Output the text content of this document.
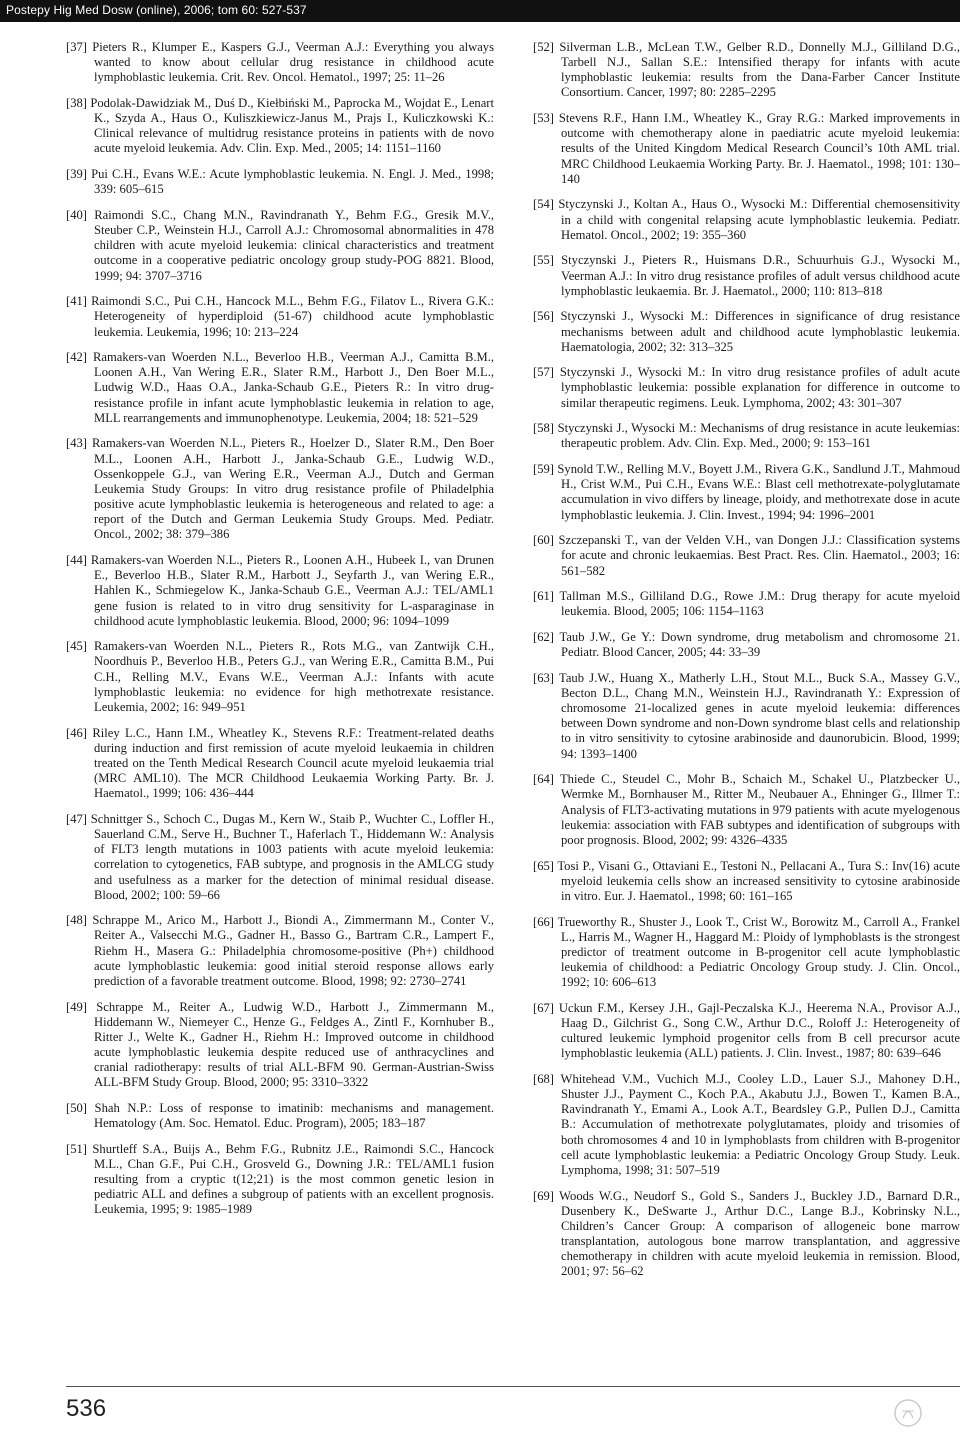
Postepy Hig Med Dosw (online), 2006; tom 60: 527-537

[37] Pieters R., Klumper E., Kaspers G.J., Veerman A.J.: Everything you always wanted to know about cellular drug resistance in childhood acute lymphoblastic leukemia. Crit. Rev. Oncol. Hematol., 1997; 25: 11–26

[38] Podolak-Dawidziak M., Duś D., Kiełbiński M., Paprocka M., Wojdat E., Lenart K., Szyda A., Haus O., Kuliszkiewicz-Janus M., Prajs I., Kuliczkowski K.: Clinical relevance of multidrug resistance proteins in patients with de novo acute myeloid leukemia. Adv. Clin. Exp. Med., 2005; 14: 1151–1160

[39] Pui C.H., Evans W.E.: Acute lymphoblastic leukemia. N. Engl. J. Med., 1998; 339: 605–615

[40] Raimondi S.C., Chang M.N., Ravindranath Y., Behm F.G., Gresik M.V., Steuber C.P., Weinstein H.J., Carroll A.J.: Chromosomal abnormalities in 478 children with acute myeloid leukemia: clinical characteristics and treatment outcome in a cooperative pediatric oncology group study-POG 8821. Blood, 1999; 94: 3707–3716

[41] Raimondi S.C., Pui C.H., Hancock M.L., Behm F.G., Filatov L., Rivera G.K.: Heterogeneity of hyperdiploid (51-67) childhood acute lymphoblastic leukemia. Leukemia, 1996; 10: 213–224

[42] Ramakers-van Woerden N.L., Beverloo H.B., Veerman A.J., Camitta B.M., Loonen A.H., Van Wering E.R., Slater R.M., Harbott J., Den Boer M.L., Ludwig W.D., Haas O.A., Janka-Schaub G.E., Pieters R.: In vitro drug-resistance profile in infant acute lymphoblastic leukemia in relation to age, MLL rearrangements and immunophenotype. Leukemia, 2004; 18: 521–529

[43] Ramakers-van Woerden N.L., Pieters R., Hoelzer D., Slater R.M., Den Boer M.L., Loonen A.H., Harbott J., Janka-Schaub G.E., Ludwig W.D., Ossenkoppele G.J., van Wering E.R., Veerman A.J., Dutch and German Leukemia Study Groups: In vitro drug resistance profile of Philadelphia positive acute lymphoblastic leukemia is heterogeneous and related to age: a report of the Dutch and German Leukemia Study Groups. Med. Pediatr. Oncol., 2002; 38: 379–386

[44] Ramakers-van Woerden N.L., Pieters R., Loonen A.H., Hubeek I., van Drunen E., Beverloo H.B., Slater R.M., Harbott J., Seyfarth J., van Wering E.R., Hahlen K., Schmiegelow K., Janka-Schaub G.E., Veerman A.J.: TEL/AML1 gene fusion is related to in vitro drug sensitivity for L-asparaginase in childhood acute lymphoblastic leukemia. Blood, 2000; 96: 1094–1099

[45] Ramakers-van Woerden N.L., Pieters R., Rots M.G., van Zantwijk C.H., Noordhuis P., Beverloo H.B., Peters G.J., van Wering E.R., Camitta B.M., Pui C.H., Relling M.V., Evans W.E., Veerman A.J.: Infants with acute lymphoblastic leukemia: no evidence for high methotrexate resistance. Leukemia, 2002; 16: 949–951

[46] Riley L.C., Hann I.M., Wheatley K., Stevens R.F.: Treatment-related deaths during induction and first remission of acute myeloid leukaemia in children treated on the Tenth Medical Research Council acute myeloid leukaemia trial (MRC AML10). The MCR Childhood Leukaemia Working Party. Br. J. Haematol., 1999; 106: 436–444

[47] Schnittger S., Schoch C., Dugas M., Kern W., Staib P., Wuchter C., Loffler H., Sauerland C.M., Serve H., Buchner T., Haferlach T., Hiddemann W.: Analysis of FLT3 length mutations in 1003 patients with acute myeloid leukemia: correlation to cytogenetics, FAB subtype, and prognosis in the AMLCG study and usefulness as a marker for the detection of minimal residual disease. Blood, 2002; 100: 59–66

[48] Schrappe M., Arico M., Harbott J., Biondi A., Zimmermann M., Conter V., Reiter A., Valsecchi M.G., Gadner H., Basso G., Bartram C.R., Lampert F., Riehm H., Masera G.: Philadelphia chromosome-positive (Ph+) childhood acute lymphoblastic leukemia: good initial steroid response allows early prediction of a favorable treatment outcome. Blood, 1998; 92: 2730–2741

[49] Schrappe M., Reiter A., Ludwig W.D., Harbott J., Zimmermann M., Hiddemann W., Niemeyer C., Henze G., Feldges A., Zintl F., Kornhuber B., Ritter J., Welte K., Gadner H., Riehm H.: Improved outcome in childhood acute lymphoblastic leukemia despite reduced use of anthracyclines and cranial radiotherapy: results of trial ALL-BFM 90. German-Austrian-Swiss ALL-BFM Study Group. Blood, 2000; 95: 3310–3322

[50] Shah N.P.: Loss of response to imatinib: mechanisms and management. Hematology (Am. Soc. Hematol. Educ. Program), 2005; 183–187

[51] Shurtleff S.A., Buijs A., Behm F.G., Rubnitz J.E., Raimondi S.C., Hancock M.L., Chan G.F., Pui C.H., Grosveld G., Downing J.R.: TEL/AML1 fusion resulting from a cryptic t(12;21) is the most common genetic lesion in pediatric ALL and defines a subgroup of patients with an excellent prognosis. Leukemia, 1995; 9: 1985–1989

[52] Silverman L.B., McLean T.W., Gelber R.D., Donnelly M.J., Gilliland D.G., Tarbell N.J., Sallan S.E.: Intensified therapy for infants with acute lymphoblastic leukemia: results from the Dana-Farber Cancer Institute Consortium. Cancer, 1997; 80: 2285–2295

[53] Stevens R.F., Hann I.M., Wheatley K., Gray R.G.: Marked improvements in outcome with chemotherapy alone in paediatric acute myeloid leukemia: results of the United Kingdom Medical Research Council’s 10th AML trial. MRC Childhood Leukaemia Working Party. Br. J. Haematol., 1998; 101: 130–140

[54] Styczynski J., Koltan A., Haus O., Wysocki M.: Differential chemosensitivity in a child with congenital relapsing acute lymphoblastic leukemia. Pediatr. Hematol. Oncol., 2002; 19: 355–360

[55] Styczynski J., Pieters R., Huismans D.R., Schuurhuis G.J., Wysocki M., Veerman A.J.: In vitro drug resistance profiles of adult versus childhood acute lymphoblastic leukaemia. Br. J. Haematol., 2000; 110: 813–818

[56] Styczynski J., Wysocki M.: Differences in significance of drug resistance mechanisms between adult and childhood acute lymphoblastic leukemia. Haematologia, 2002; 32: 313–325

[57] Styczynski J., Wysocki M.: In vitro drug resistance profiles of adult acute lymphoblastic leukemia: possible explanation for difference in outcome to similar therapeutic regimens. Leuk. Lymphoma, 2002; 43: 301–307

[58] Styczynski J., Wysocki M.: Mechanisms of drug resistance in acute leukemias: therapeutic problem. Adv. Clin. Exp. Med., 2000; 9: 153–161

[59] Synold T.W., Relling M.V., Boyett J.M., Rivera G.K., Sandlund J.T., Mahmoud H., Crist W.M., Pui C.H., Evans W.E.: Blast cell methotrexate-polyglutamate accumulation in vivo differs by lineage, ploidy, and methotrexate dose in acute lymphoblastic leukemia. J. Clin. Invest., 1994; 94: 1996–2001

[60] Szczepanski T., van der Velden V.H., van Dongen J.J.: Classification systems for acute and chronic leukaemias. Best Pract. Res. Clin. Haematol., 2003; 16: 561–582

[61] Tallman M.S., Gilliland D.G., Rowe J.M.: Drug therapy for acute myeloid leukemia. Blood, 2005; 106: 1154–1163

[62] Taub J.W., Ge Y.: Down syndrome, drug metabolism and chromosome 21. Pediatr. Blood Cancer, 2005; 44: 33–39

[63] Taub J.W., Huang X., Matherly L.H., Stout M.L., Buck S.A., Massey G.V., Becton D.L., Chang M.N., Weinstein H.J., Ravindranath Y.: Expression of chromosome 21-localized genes in acute myeloid leukemia: differences between Down syndrome and non-Down syndrome blast cells and relationship to in vitro sensitivity to cytosine arabinoside and daunorubicin. Blood, 1999; 94: 1393–1400

[64] Thiede C., Steudel C., Mohr B., Schaich M., Schakel U., Platzbecker U., Wermke M., Bornhauser M., Ritter M., Neubauer A., Ehninger G., Illmer T.: Analysis of FLT3-activating mutations in 979 patients with acute myelogenous leukemia: association with FAB subtypes and identification of subgroups with poor prognosis. Blood, 2002; 99: 4326–4335

[65] Tosi P., Visani G., Ottaviani E., Testoni N., Pellacani A., Tura S.: Inv(16) acute myeloid leukemia cells show an increased sensitivity to cytosine arabinoside in vitro. Eur. J. Haematol., 1998; 60: 161–165

[66] Trueworthy R., Shuster J., Look T., Crist W., Borowitz M., Carroll A., Frankel L., Harris M., Wagner H., Haggard M.: Ploidy of lymphoblasts is the strongest predictor of treatment outcome in B-progenitor cell acute lymphoblastic leukemia of childhood: a Pediatric Oncology Group study. J. Clin. Oncol., 1992; 10: 606–613

[67] Uckun F.M., Kersey J.H., Gajl-Peczalska K.J., Heerema N.A., Provisor A.J., Haag D., Gilchrist G., Song C.W., Arthur D.C., Roloff J.: Heterogeneity of cultured leukemic lymphoid progenitor cells from B cell precursor acute lymphoblastic leukemia (ALL) patients. J. Clin. Invest., 1987; 80: 639–646

[68] Whitehead V.M., Vuchich M.J., Cooley L.D., Lauer S.J., Mahoney D.H., Shuster J.J., Payment C., Koch P.A., Akabutu J.J., Bowen T., Kamen B.A., Ravindranath Y., Emami A., Look A.T., Beardsley G.P., Pullen D.J., Camitta B.: Accumulation of methotrexate polyglutamates, ploidy and trisomies of both chromosomes 4 and 10 in lymphoblasts from children with B-progenitor cell acute lymphoblastic leukemia: a Pediatric Oncology Group Study. Leuk. Lymphoma, 1998; 31: 507–519

[69] Woods W.G., Neudorf S., Gold S., Sanders J., Buckley J.D., Barnard D.R., Dusenbery K., DeSwarte J., Arthur D.C., Lange B.J., Kobrinsky N.L., Children’s Cancer Group: A comparison of allogeneic bone marrow transplantation, autologous bone marrow transplantation, and aggressive chemotherapy in children with acute myeloid leukemia in remission. Blood, 2001; 97: 56–62

536
